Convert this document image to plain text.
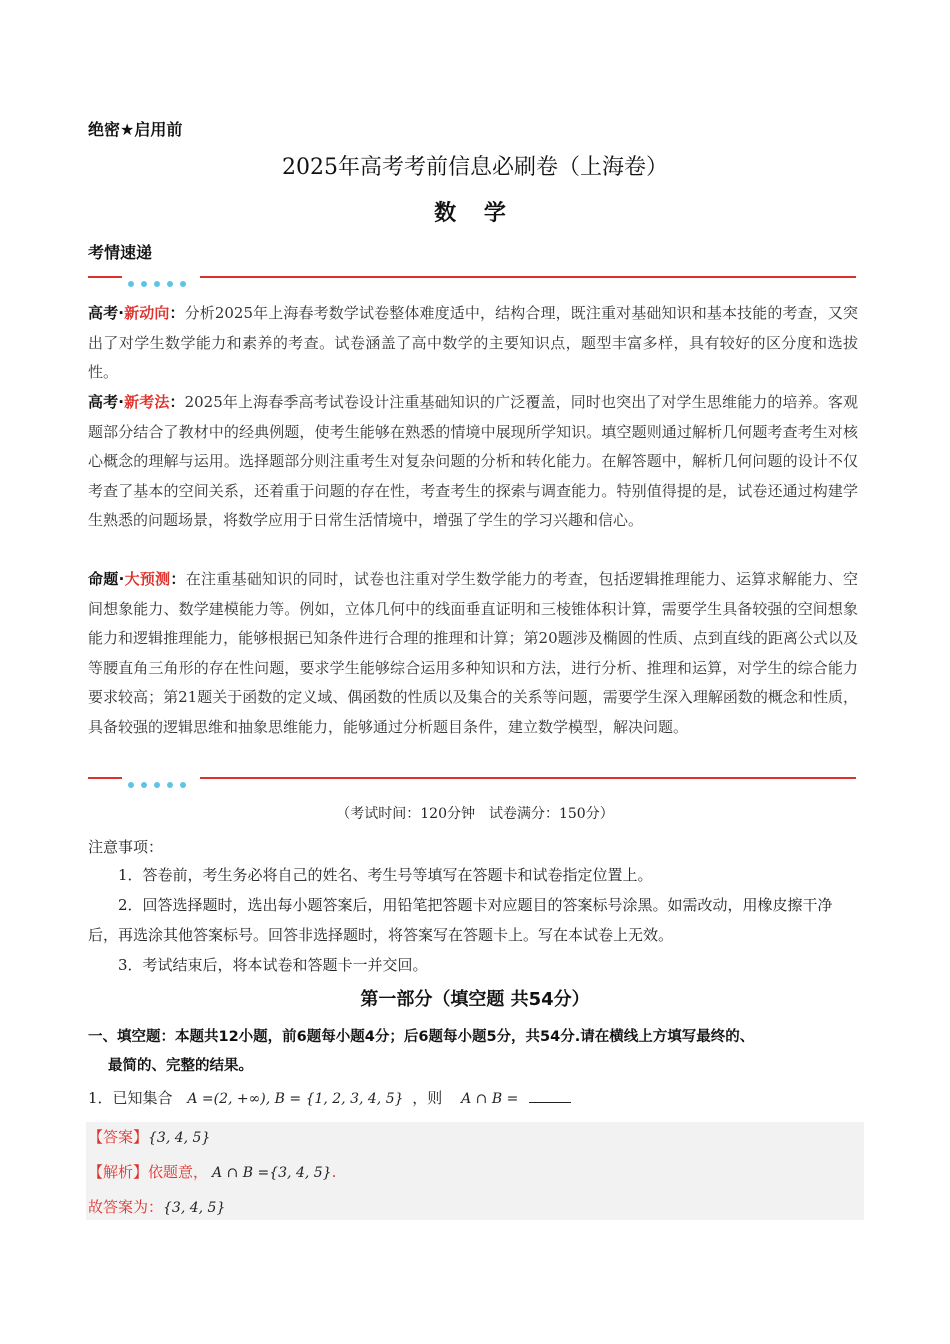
绝密★启用前
2025年高考考前信息必刷卷（上海卷）
数 学
考情速递
高考·新动向：分析2025年上海春考数学试卷整体难度适中，结构合理，既注重对基础知识和基本技能的考查，又突出了对学生数学能力和素养的考查。试卷涵盖了高中数学的主要知识点，题型丰富多样，具有较好的区分度和选拔性。
高考·新考法：2025年上海春季高考试卷设计注重基础知识的广泛覆盖，同时也突出了对学生思维能力的培养。客观题部分结合了教材中的经典例题，使考生能够在熟悉的情境中展现所学知识。填空题则通过解析几何题考查考生对核心概念的理解与运用。选择题部分则注重考生对复杂问题的分析和转化能力。在解答题中，解析几何问题的设计不仅考查了基本的空间关系，还着重于问题的存在性，考查考生的探索与调查能力。特别值得提的是，试卷还通过构建学生熟悉的问题场景，将数学应用于日常生活情境中，增强了学生的学习兴趣和信心。
命题·大预测：在注重基础知识的同时，试卷也注重对学生数学能力的考查，包括逻辑推理能力、运算求解能力、空间想象能力、数学建模能力等。例如，立体几何中的线面垂直证明和三棱锥体积计算，需要学生具备较强的空间想象能力和逻辑推理能力，能够根据已知条件进行合理的推理和计算；第20题涉及椭圆的性质、点到直线的距离公式以及等腰直角三角形的存在性问题，要求学生能够综合运用多种知识和方法，进行分析、推理和运算，对学生的综合能力要求较高；第21题关于函数的定义域、偶函数的性质以及集合的关系等问题，需要学生深入理解函数的概念和性质，具备较强的逻辑思维和抽象思维能力，能够通过分析题目条件，建立数学模型，解决问题。
（考试时间：120分钟　试卷满分：150分）
注意事项：
1．答卷前，考生务必将自己的姓名、考生号等填写在答题卡和试卷指定位置上。
2．回答选择题时，选出每小题答案后，用铅笔把答题卡对应题目的答案标号涂黑。如需改动，用橡皮擦干净后，再选涂其他答案标号。回答非选择题时，将答案写在答题卡上。写在本试卷上无效。
3．考试结束后，将本试卷和答题卡一并交回。
第一部分（填空题 共54分）
一、填空题：本题共12小题，前6题每小题4分；后6题每小题5分，共54分.请在横线上方填写最终的、
最简的、完整的结果。
1．已知集合 A =(2, +∞), B = {1, 2, 3, 4, 5} ，则 A ∩ B =
【答案】{3, 4, 5}
【解析】依题意， A ∩ B ={3, 4, 5}.
故答案为：{3, 4, 5}
